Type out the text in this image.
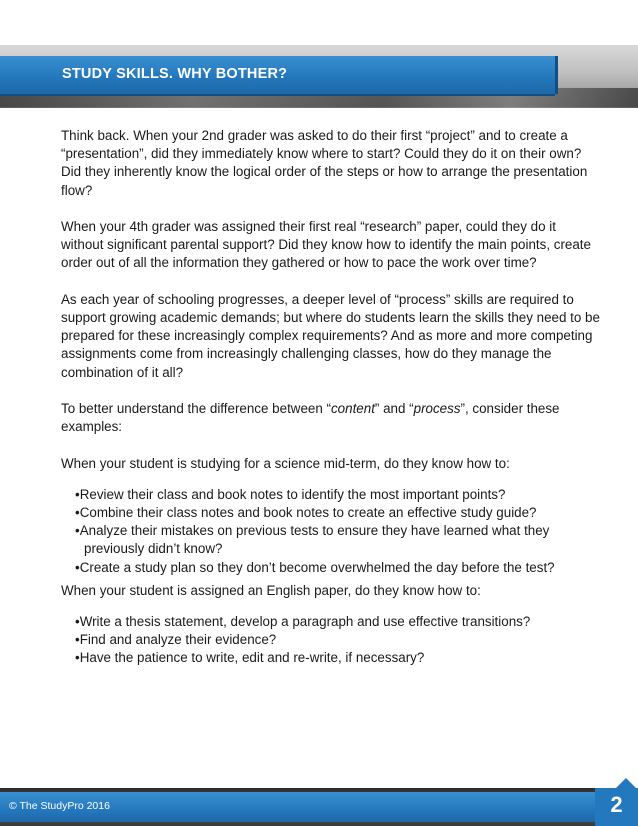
STUDY SKILLS. WHY BOTHER?

Think back. When your 2nd grader was asked to do their first “project” and to create a “presentation”, did they immediately know where to start? Could they do it on their own? Did they inherently know the logical order of the steps or how to arrange the presentation flow?

When your 4th grader was assigned their first real “research” paper, could they do it without significant parental support? Did they know how to identify the main points, create order out of all the information they gathered or how to pace the work over time?

As each year of schooling progresses, a deeper level of “process” skills are required to support growing academic demands; but where do students learn the skills they need to be prepared for these increasingly complex requirements? And as more and more competing assignments come from increasingly challenging classes, how do they manage the combination of it all?

To better understand the difference between “content” and “process”, consider these examples:

When your student is studying for a science mid-term, do they know how to:

• Review their class and book notes to identify the most important points?
• Combine their class notes and book notes to create an effective study guide?
• Analyze their mistakes on previous tests to ensure they have learned what they previously didn’t know?
• Create a study plan so they don’t become overwhelmed the day before the test?

When your student is assigned an English paper, do they know how to:

• Write a thesis statement, develop a paragraph and use effective transitions?
• Find and analyze their evidence?
• Have the patience to write, edit and re-write, if necessary?
© The StudyPro 2016	2
